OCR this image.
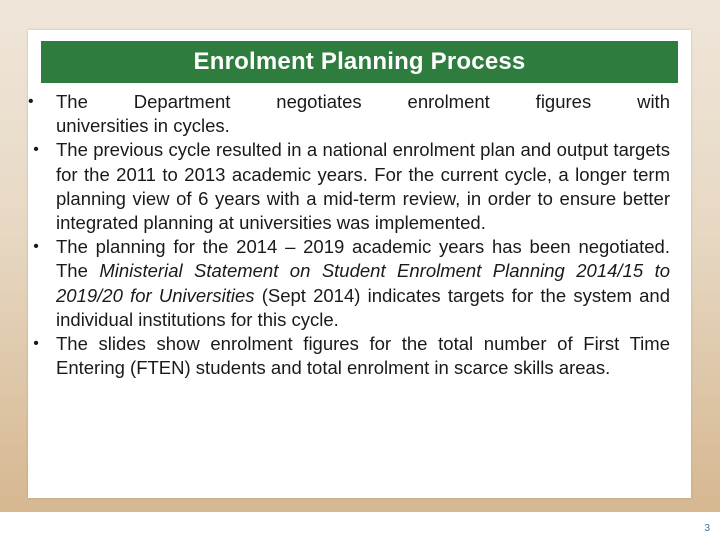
Enrolment Planning Process
•	The Department negotiates enrolment figures with
universities in cycles.
• The previous cycle resulted in a national enrolment plan and output targets for the 2011 to 2013 academic years. For the current cycle, a longer term planning view of 6 years with a mid-term review, in order to ensure better integrated planning at universities was implemented.
• The planning for the 2014 – 2019 academic years has been negotiated. The Ministerial Statement on Student Enrolment Planning 2014/15 to 2019/20 for Universities (Sept 2014) indicates targets for the system and individual institutions for this cycle.
• The slides show enrolment figures for the total number of First Time Entering (FTEN) students and total enrolment in scarce skills areas.
3
